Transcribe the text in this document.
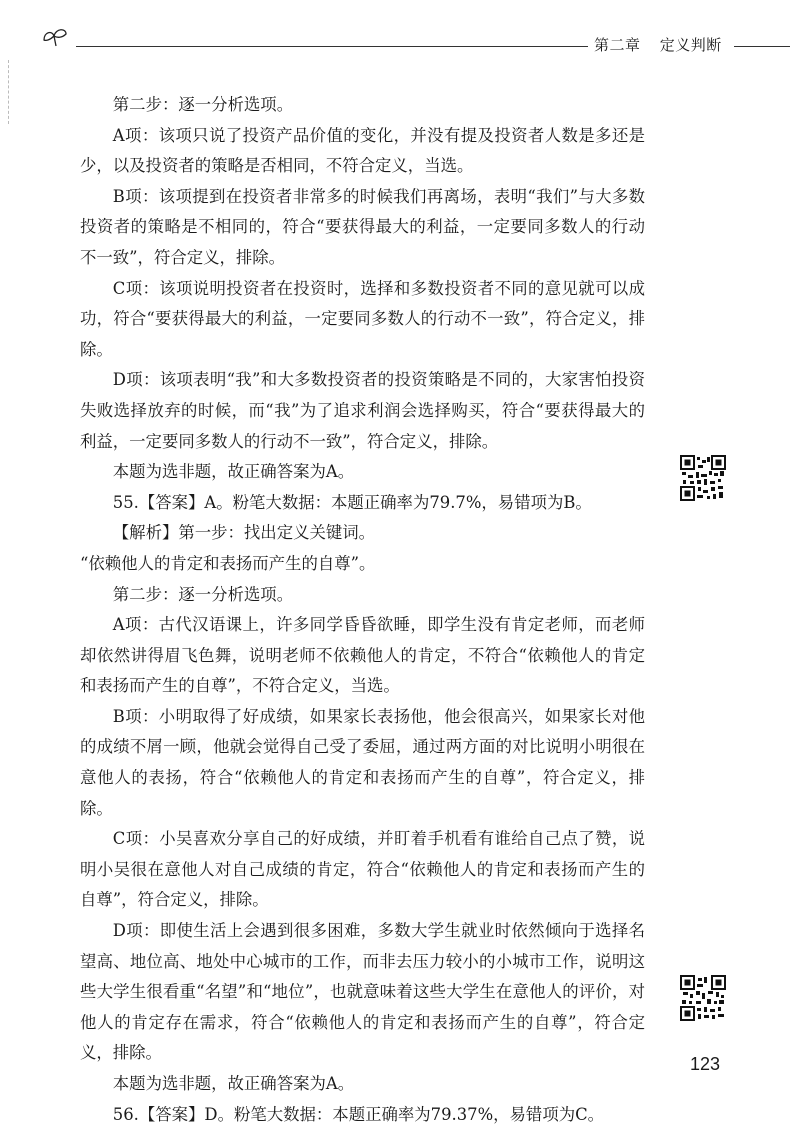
第二章 定义判断

第二步：逐一分析选项。

A项：该项只说了投资产品价值的变化，并没有提及投资者人数是多还是少，以及投资者的策略是否相同，不符合定义，当选。

B项：该项提到在投资者非常多的时候我们再离场，表明“我们”与大多数投资者的策略是不相同的，符合“要获得最大的利益，一定要同多数人的行动不一致”，符合定义，排除。

C项：该项说明投资者在投资时，选择和多数投资者不同的意见就可以成功，符合“要获得最大的利益，一定要同多数人的行动不一致”，符合定义，排除。

D项：该项表明“我”和大多数投资者的投资策略是不同的，大家害怕投资失败选择放弃的时候，而“我”为了追求利润会选择购买，符合“要获得最大的利益，一定要同多数人的行动不一致”，符合定义，排除。

本题为选非题，故正确答案为A。

55.【答案】A。粉笔大数据：本题正确率为79.7%，易错项为B。

【解析】第一步：找出定义关键词。

“依赖他人的肯定和表扬而产生的自尊”。

第二步：逐一分析选项。

A项：古代汉语课上，许多同学昏昏欲睡，即学生没有肯定老师，而老师却依然讲得眉飞色舞，说明老师不依赖他人的肯定，不符合“依赖他人的肯定和表扬而产生的自尊”，不符合定义，当选。

B项：小明取得了好成绩，如果家长表扬他，他会很高兴，如果家长对他的成绩不屑一顾，他就会觉得自己受了委屈，通过两方面的对比说明小明很在意他人的表扬，符合“依赖他人的肯定和表扬而产生的自尊”，符合定义，排除。

C项：小吴喜欢分享自己的好成绩，并盯着手机看有谁给自己点了赞，说明小吴很在意他人对自己成绩的肯定，符合“依赖他人的肯定和表扬而产生的自尊”，符合定义，排除。

D项：即使生活上会遇到很多困难，多数大学生就业时依然倾向于选择名望高、地位高、地处中心城市的工作，而非去压力较小的小城市工作，说明这些大学生很看重“名望”和“地位”，也就意味着这些大学生在意他人的评价，对他人的肯定存在需求，符合“依赖他人的肯定和表扬而产生的自尊”，符合定义，排除。

本题为选非题，故正确答案为A。

56.【答案】D。粉笔大数据：本题正确率为79.37%，易错项为C。

123
